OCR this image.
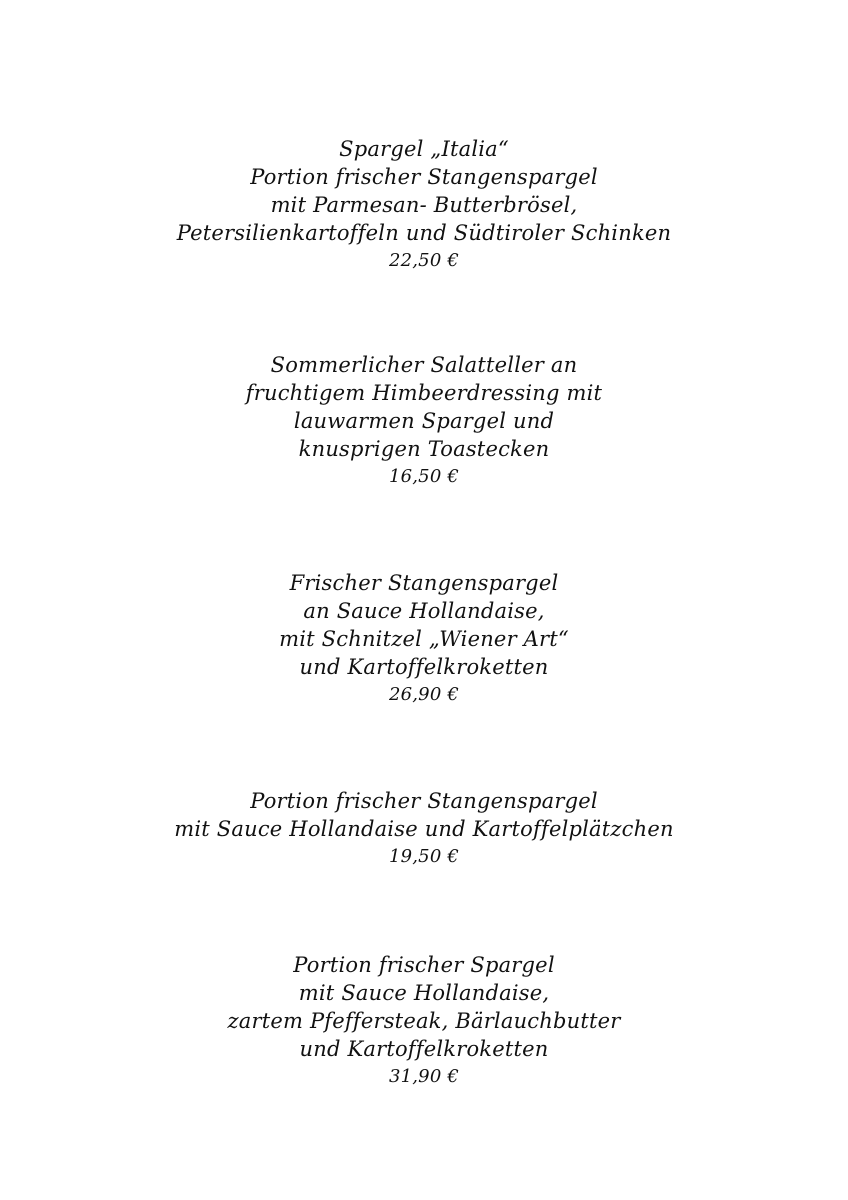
Spargel „Italia“
Portion frischer Stangenspargel
mit Parmesan- Butterbrösel,
Petersilienkartoffeln und Südtiroler Schinken
22,50 €
Sommerlicher Salatteller an
fruchtigem Himbeerdressing mit
lauwarmen Spargel und
knusprigen Toastecken
16,50 €
Frischer Stangenspargel
an Sauce Hollandaise,
mit Schnitzel „Wiener Art“
und Kartoffelkroketten
26,90 €
Portion frischer Stangenspargel
mit Sauce Hollandaise und Kartoffelplätzchen
19,50 €
Portion frischer Spargel
mit Sauce Hollandaise,
zartem Pfeffersteak, Bärlauchbutter
und Kartoffelkroketten
31,90 €
